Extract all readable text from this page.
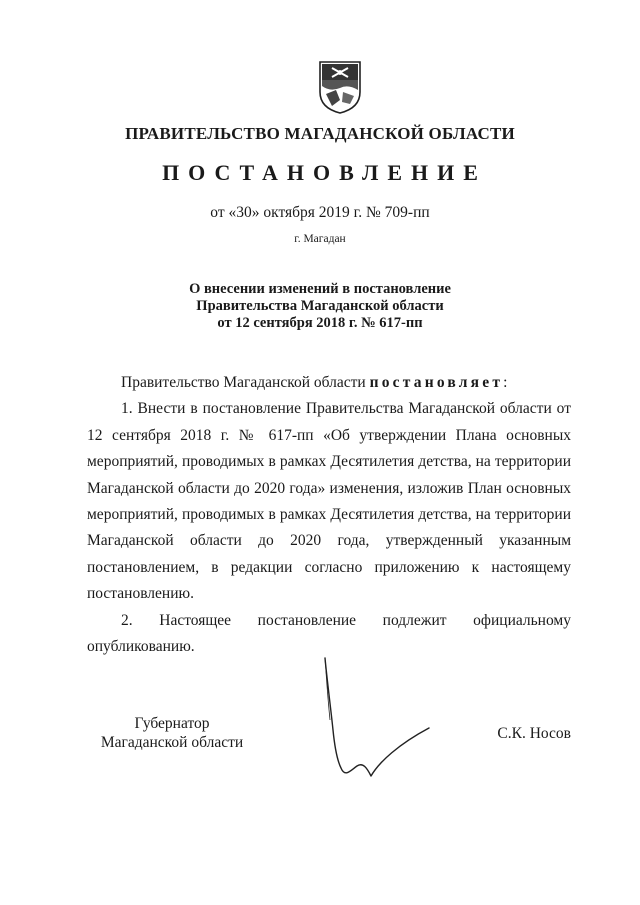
ПРАВИТЕЛЬСТВО МАГАДАНСКОЙ ОБЛАСТИ
ПОСТАНОВЛЕНИЕ
от «30» октября 2019 г. № 709-пп
г. Магадан
О внесении изменений в постановление
Правительства Магаданской области
от 12 сентября 2018 г. № 617-пп
Правительство Магаданской области постановляет:
1. Внести в постановление Правительства Магаданской области от 12 сентября 2018 г. № 617-пп «Об утверждении Плана основных мероприятий, проводимых в рамках Десятилетия детства, на территории Магаданской области до 2020 года» изменения, изложив План основных мероприятий, проводимых в рамках Десятилетия детства, на территории Магаданской области до 2020 года, утвержденный указанным постановлением, в редакции согласно приложению к настоящему постановлению.
2. Настоящее постановление подлежит официальному
опубликованию.
Губернатор
Магаданской области
С.К. Носов
